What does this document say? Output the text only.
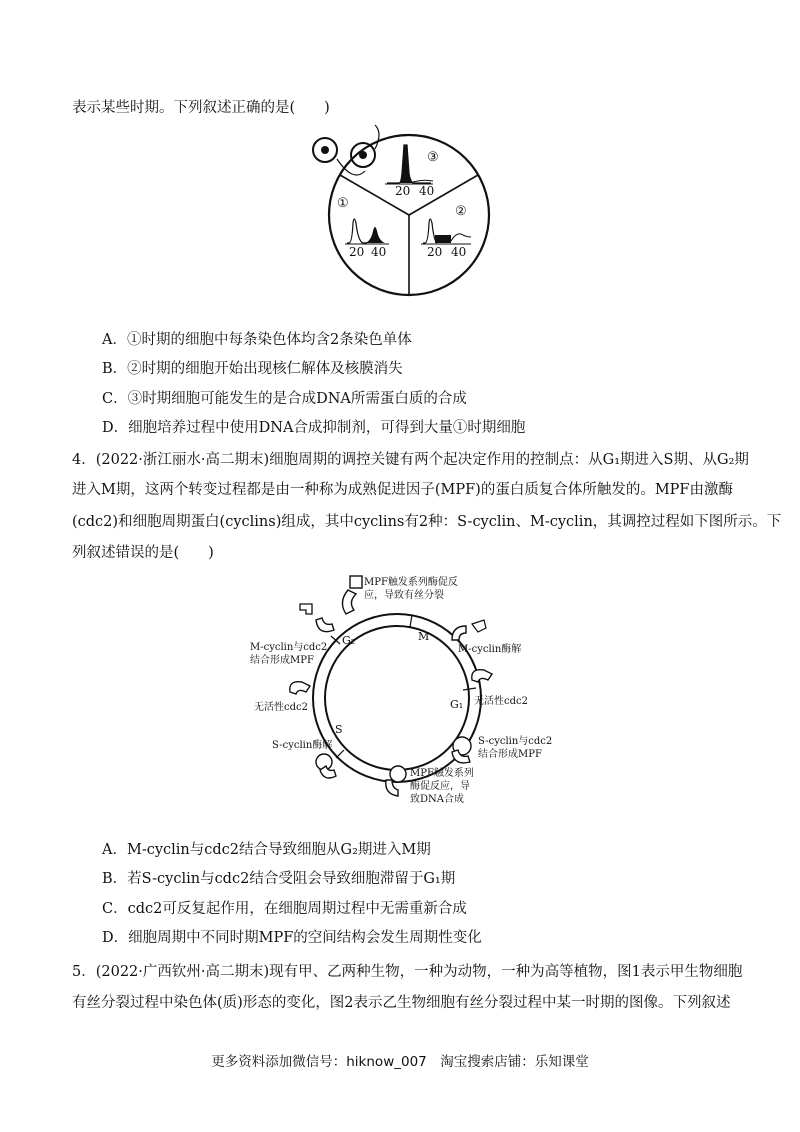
表示某些时期。下列叙述正确的是(　　)
③
20 40
①
20 40
②
20 40
A．①时期的细胞中每条染色体均含2条染色单体
B．②时期的细胞开始出现核仁解体及核膜消失
C．③时期细胞可能发生的是合成DNA所需蛋白质的合成
D．细胞培养过程中使用DNA合成抑制剂，可得到大量①时期细胞
4．(2022·浙江丽水·高二期末)细胞周期的调控关键有两个起决定作用的控制点：从G₁期进入S期、从G₂期
进入M期，这两个转变过程都是由一种称为成熟促进因子(MPF)的蛋白质复合体所触发的。MPF由激酶
(cdc2)和细胞周期蛋白(cyclins)组成，其中cyclins有2种：S-cyclin、M-cyclin，其调控过程如下图所示。下
列叙述错误的是(　　)
M
G₁
S
G₂
MPF触发系列酶促反
应，导致有丝分裂
M-cyclin酶解
无活性cdc2
S-cyclin与cdc2
结合形成MPF
MPF触发系列
酶促反应，导
致DNA合成
S-cyclin酶解
无活性cdc2
M-cyclin与cdc2
结合形成MPF
A．M-cyclin与cdc2结合导致细胞从G₂期进入M期
B．若S-cyclin与cdc2结合受阻会导致细胞滞留于G₁期
C．cdc2可反复起作用，在细胞周期过程中无需重新合成
D．细胞周期中不同时期MPF的空间结构会发生周期性变化
5．(2022·广西钦州·高二期末)现有甲、乙两种生物，一种为动物，一种为高等植物，图1表示甲生物细胞
有丝分裂过程中染色体(质)形态的变化，图2表示乙生物细胞有丝分裂过程中某一时期的图像。下列叙述
更多资料添加微信号：hiknow_007　淘宝搜索店铺：乐知课堂
